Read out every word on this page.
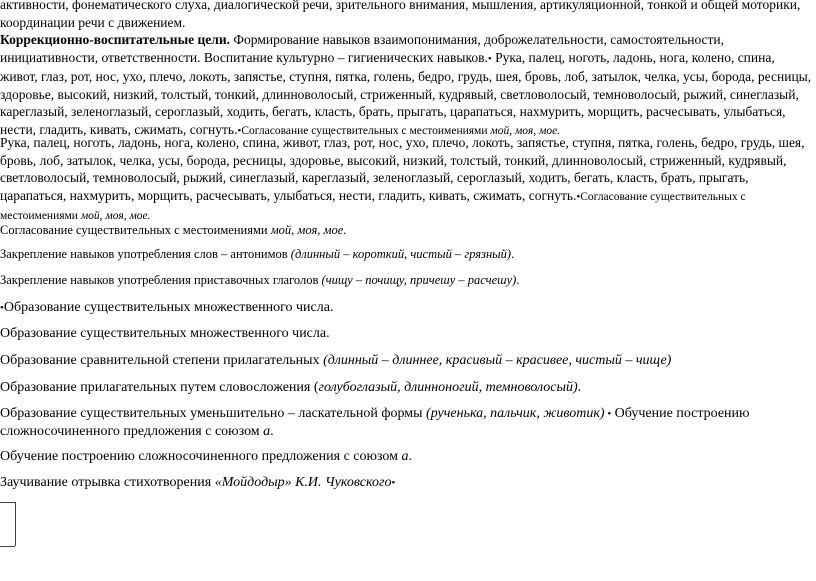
активности, фонематического слуха, диалогической речи, зрительного внимания, мышления, артикуляционной, тонкой и общей моторики,
координации речи с движением.
Коррекционно-воспитательные цели. Формирование навыков взаимопонимания, доброжелательности, самостоятельности, инициативности, ответственности. Воспитание культурно – гигиенических навыков.• Рука, палец, ноготь, ладонь, нога, колено, спина, живот, глаз, рот, нос, ухо, плечо, локоть, запястье, ступня, пятка, голень, бедро, грудь, шея, бровь, лоб, затылок, челка, усы, борода, ресницы, здоровье, высокий, низкий, толстый, тонкий, длинноволосый, стриженный, кудрявый, светловолосый, темноволосый, рыжий, синеглазый, кареглазый, зеленоглазый, сероглазый, ходить, бегать, класть, брать, прыгать, царапаться, нахмурить, морщить, расчесывать, улыбаться, нести, гладить, кивать, сжимать, согнуть.•Согласование существительных с местоимениями мой, моя, мое.
Рука, палец, ноготь, ладонь, нога, колено, спина, живот, глаз, рот, нос, ухо, плечо, локоть, запястье, ступня, пятка, голень, бедро, грудь, шея, бровь, лоб, затылок, челка, усы, борода, ресницы, здоровье, высокий, низкий, толстый, тонкий, длинноволосый, стриженный, кудрявый, светловолосый, темноволосый, рыжий, синеглазый, кареглазый, зеленоглазый, сероглазый, ходить, бегать, класть, брать, прыгать, царапаться, нахмурить, морщить, расчесывать, улыбаться, нести, гладить, кивать, сжимать, согнуть.•Согласование существительных с
местоимениями мой, моя, мое.
Согласование существительных с местоимениями мой, моя, мое.
Закрепление навыков употребления слов – антонимов (длинный – короткий, чистый – грязный).
Закрепление навыков употребления приставочных глаголов (чищу – почищу, причешу – расчешу).
•Образование существительных множественного числа.
Образование существительных множественного числа.
Образование сравнительной степени прилагательных (длинный – длиннее, красивый – красивее, чистый – чище)
Образование прилагательных путем словосложения (голубоглазый, длинноногий, темноволосый).
Образование существительных уменьшительно – ласкательной формы (рученька, пальчик, животик) • Обучение построению
сложносочиненного предложения с союзом а.
Обучение построению сложносочиненного предложения с союзом а.
Заучивание отрывка стихотворения «Мойдодыр» К.И. Чуковского•
